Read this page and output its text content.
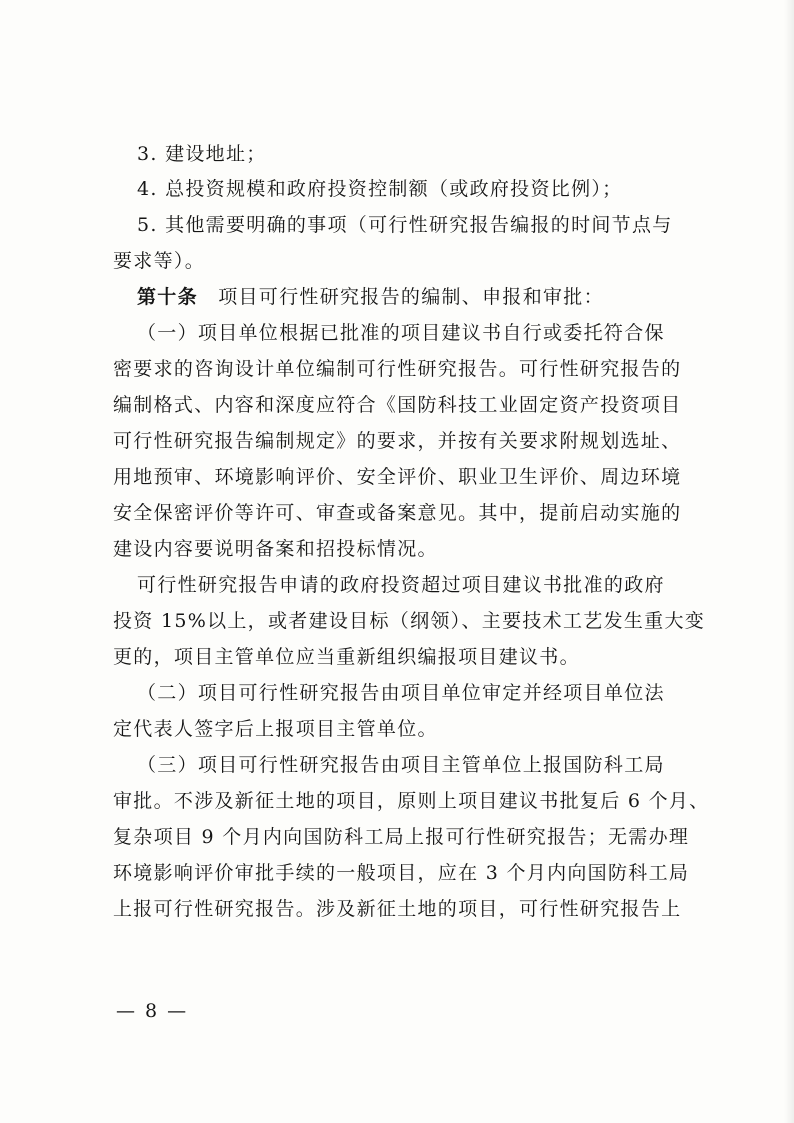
3. 建设地址；
4. 总投资规模和政府投资控制额（或政府投资比例）；
5. 其他需要明确的事项（可行性研究报告编报的时间节点与
要求等）。
第十条　项目可行性研究报告的编制、申报和审批：
（一）项目单位根据已批准的项目建议书自行或委托符合保
密要求的咨询设计单位编制可行性研究报告。可行性研究报告的
编制格式、内容和深度应符合《国防科技工业固定资产投资项目
可行性研究报告编制规定》的要求，并按有关要求附规划选址、
用地预审、环境影响评价、安全评价、职业卫生评价、周边环境
安全保密评价等许可、审查或备案意见。其中，提前启动实施的
建设内容要说明备案和招投标情况。
可行性研究报告申请的政府投资超过项目建议书批准的政府
投资 15%以上，或者建设目标（纲领）、主要技术工艺发生重大变
更的，项目主管单位应当重新组织编报项目建议书。
（二）项目可行性研究报告由项目单位审定并经项目单位法
定代表人签字后上报项目主管单位。
（三）项目可行性研究报告由项目主管单位上报国防科工局
审批。不涉及新征土地的项目，原则上项目建议书批复后 6 个月、
复杂项目 9 个月内向国防科工局上报可行性研究报告；无需办理
环境影响评价审批手续的一般项目，应在 3 个月内向国防科工局
上报可行性研究报告。涉及新征土地的项目，可行性研究报告上
— 8 —
